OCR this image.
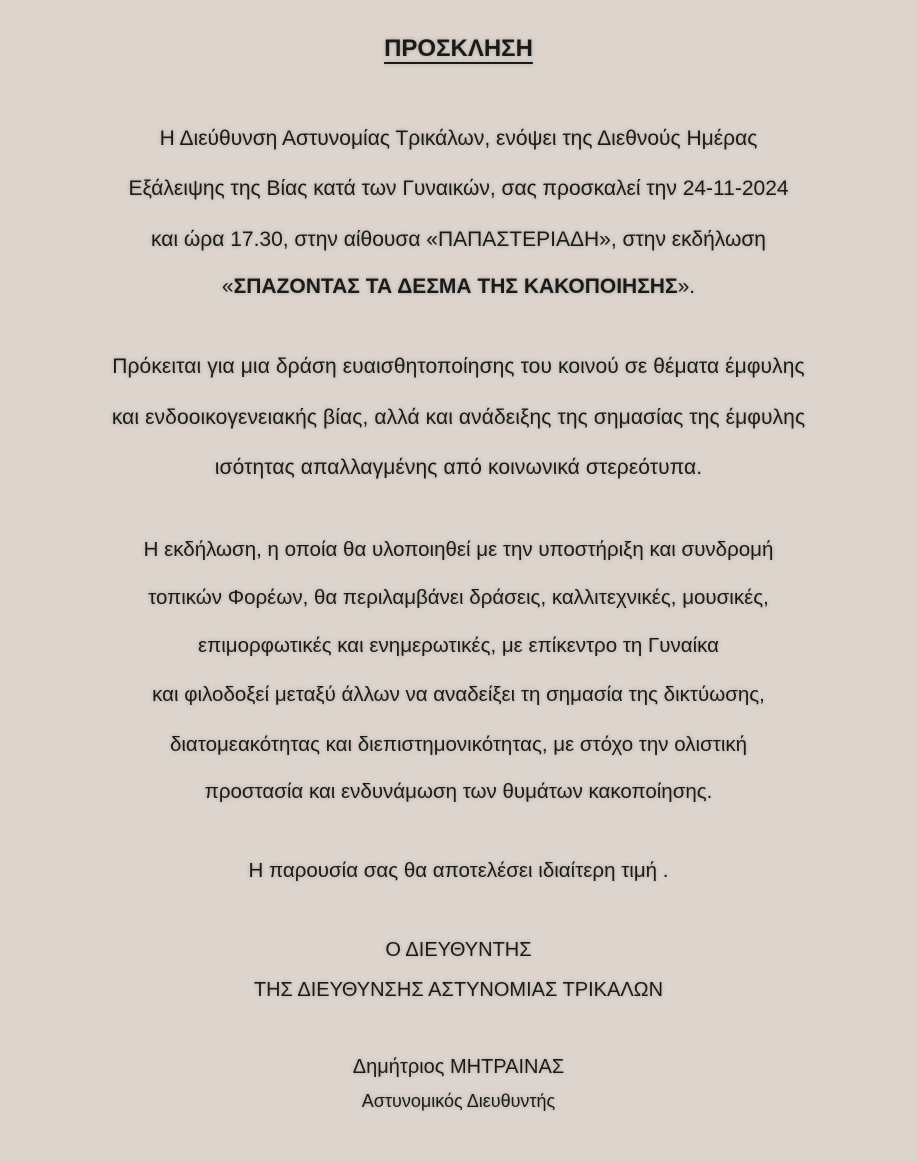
ΠΡΟΣΚΛΗΣΗ
Η Διεύθυνση Αστυνομίας Τρικάλων, ενόψει της Διεθνούς Ημέρας
Εξάλειψης της Βίας κατά των Γυναικών, σας προσκαλεί την 24-11-2024
και ώρα 17.30, στην αίθουσα «ΠΑΠΑΣΤΕΡΙΑΔΗ», στην εκδήλωση
«ΣΠΑΖΟΝΤΑΣ ΤΑ ΔΕΣΜΑ ΤΗΣ ΚΑΚΟΠΟΙΗΣΗΣ».
Πρόκειται για μια δράση ευαισθητοποίησης του κοινού σε θέματα έμφυλης
και ενδοοικογενειακής βίας, αλλά και ανάδειξης της σημασίας της έμφυλης
ισότητας απαλλαγμένης από κοινωνικά στερεότυπα.
Η εκδήλωση, η οποία θα υλοποιηθεί με την υποστήριξη και συνδρομή
τοπικών Φορέων, θα περιλαμβάνει δράσεις, καλλιτεχνικές, μουσικές,
επιμορφωτικές και ενημερωτικές, με επίκεντρο τη Γυναίκα
και φιλοδοξεί μεταξύ άλλων να αναδείξει τη σημασία της δικτύωσης,
διατομεακότητας και διεπιστημονικότητας, με στόχο την ολιστική
προστασία και ενδυνάμωση των θυμάτων κακοποίησης.
Η παρουσία σας θα αποτελέσει ιδιαίτερη τιμή .
Ο ΔΙΕΥΘΥΝΤΗΣ
ΤΗΣ ΔΙΕΥΘΥΝΣΗΣ ΑΣΤΥΝΟΜΙΑΣ ΤΡΙΚΑΛΩΝ
Δημήτριος ΜΗΤΡΑΙΝΑΣ
Αστυνομικός Διευθυντής
